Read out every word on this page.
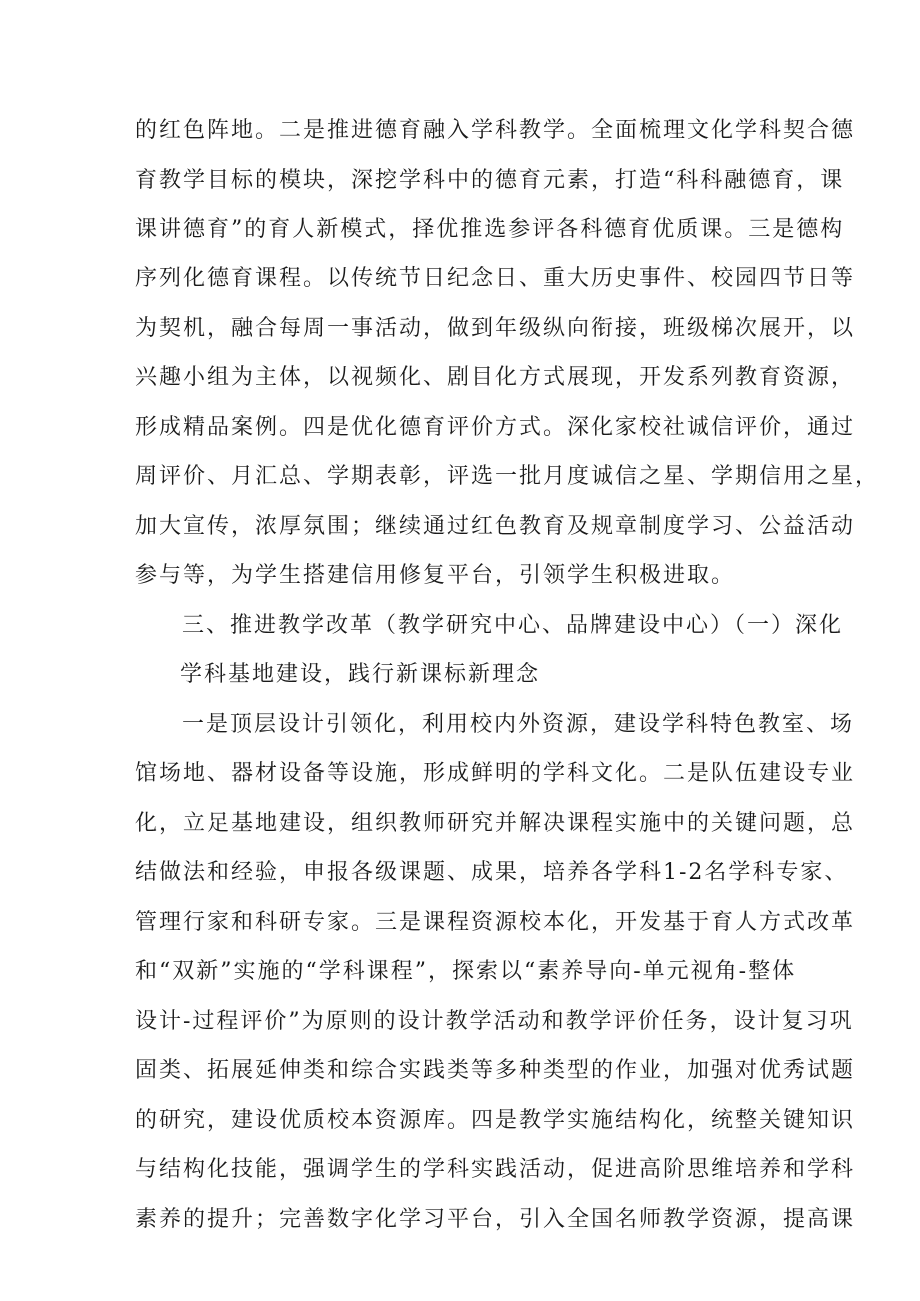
的红色阵地。二是推进德育融入学科教学。全面梳理文化学科契合德
育教学目标的模块，深挖学科中的德育元素，打造“科科融德育，课
课讲德育”的育人新模式，择优推选参评各科德育优质课。三是德构
序列化德育课程。以传统节日纪念日、重大历史事件、校园四节日等
为契机，融合每周一事活动，做到年级纵向衔接，班级梯次展开，以
兴趣小组为主体，以视频化、剧目化方式展现，开发系列教育资源，
形成精品案例。四是优化德育评价方式。深化家校社诚信评价，通过
周评价、月汇总、学期表彰，评选一批月度诚信之星、学期信用之星，
加大宣传，浓厚氛围；继续通过红色教育及规章制度学习、公益活动
参与等，为学生搭建信用修复平台，引领学生积极进取。
三、推进教学改革（教学研究中心、品牌建设中心）（一）深化
学科基地建设，践行新课标新理念
一是顶层设计引领化，利用校内外资源，建设学科特色教室、场
馆场地、器材设备等设施，形成鲜明的学科文化。二是队伍建设专业
化，立足基地建设，组织教师研究并解决课程实施中的关键问题，总
结做法和经验，申报各级课题、成果，培养各学科1-2名学科专家、
管理行家和科研专家。三是课程资源校本化，开发基于育人方式改革
和“双新”实施的“学科课程”，探索以“素养导向-单元视角-整体
设计-过程评价”为原则的设计教学活动和教学评价任务，设计复习巩
固类、拓展延伸类和综合实践类等多种类型的作业，加强对优秀试题
的研究，建设优质校本资源库。四是教学实施结构化，统整关键知识
与结构化技能，强调学生的学科实践活动，促进高阶思维培养和学科
素养的提升；完善数字化学习平台，引入全国名师教学资源，提高课
